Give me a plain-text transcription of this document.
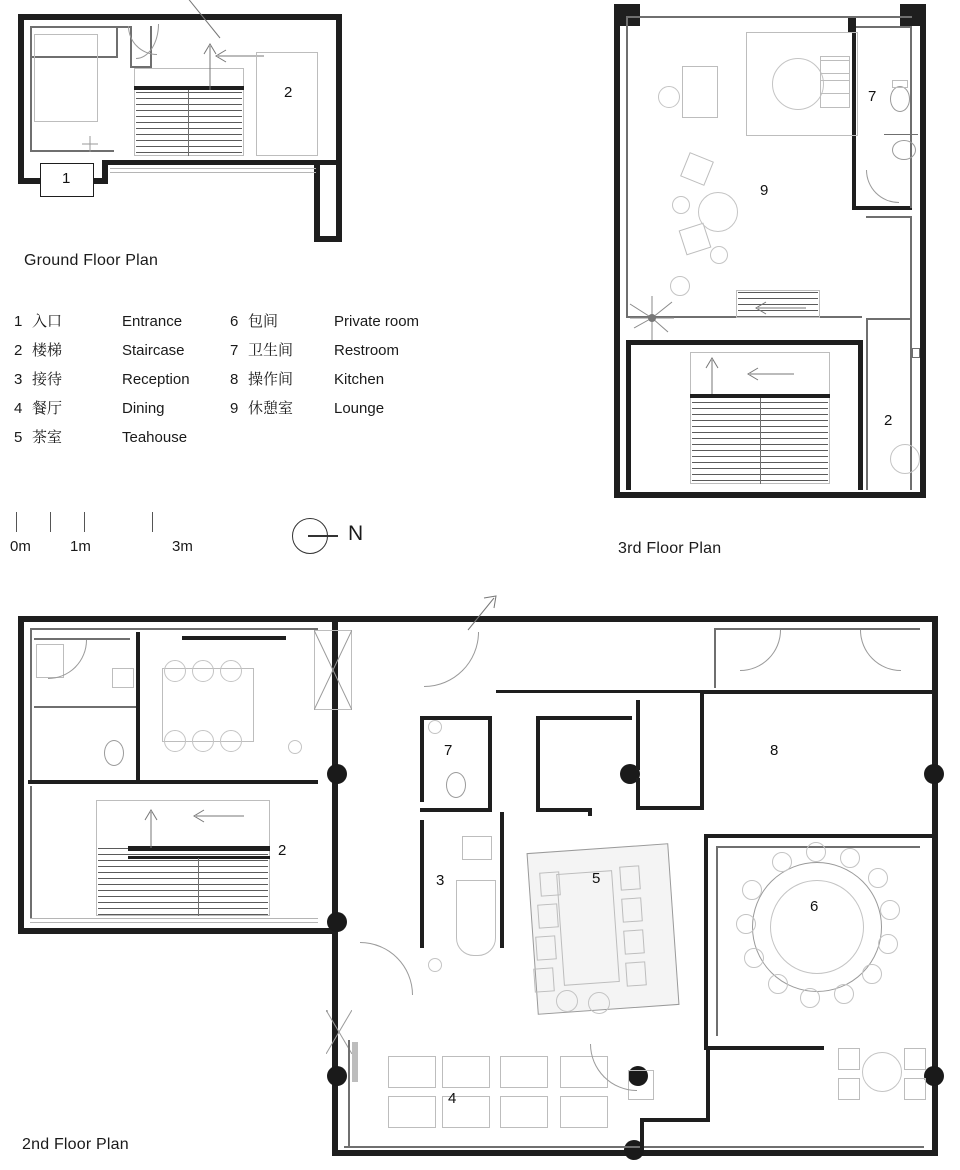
1
2
Ground Floor Plan
1 入口	Entrance
2 楼梯	Staircase
3 接待	Reception
4 餐厅	Dining
5 茶室	Teahouse
6 包间	Private room
7 卫生间	Restroom
8 操作间	Kitchen
9 休憩室	Lounge
0m	1m	3m
N
7
9
2
3rd Floor Plan
2
7
3
8
6
5
4
2nd Floor Plan
